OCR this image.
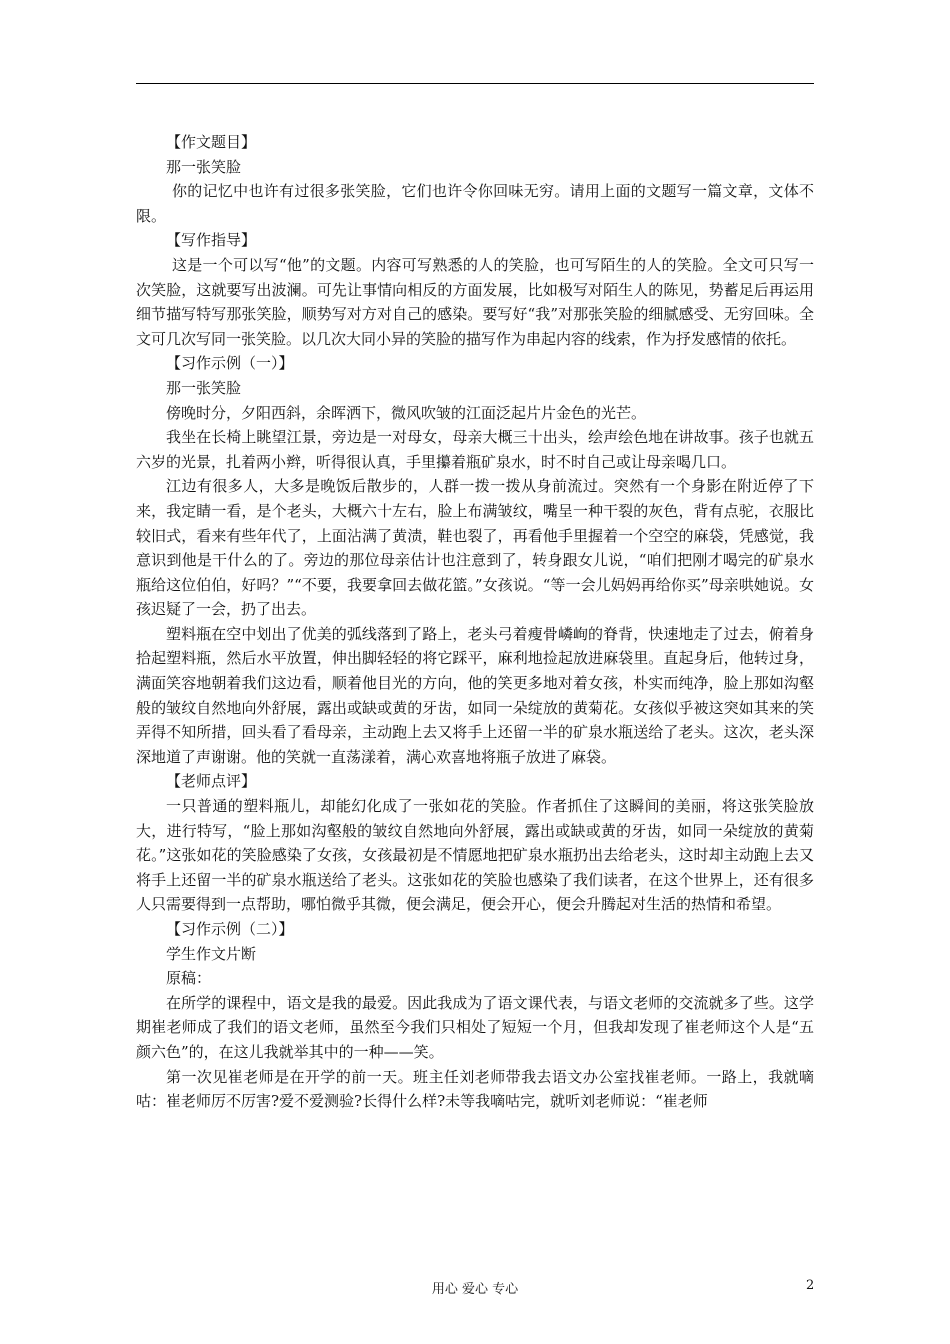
【作文题目】
那一张笑脸
你的记忆中也许有过很多张笑脸，它们也许令你回味无穷。请用上面的文题写一篇文章，文体不限。
【写作指导】
这是一个可以写“他”的文题。内容可写熟悉的人的笑脸，也可写陌生的人的笑脸。全文可只写一次笑脸，这就要写出波澜。可先让事情向相反的方面发展，比如极写对陌生人的陈见，势蓄足后再运用细节描写特写那张笑脸，顺势写对方对自己的感染。要写好“我”对那张笑脸的细腻感受、无穷回味。全文可几次写同一张笑脸。以几次大同小异的笑脸的描写作为串起内容的线索，作为抒发感情的依托。
【习作示例（一）】
那一张笑脸
傍晚时分，夕阳西斜，余晖洒下，微风吹皱的江面泛起片片金色的光芒。
我坐在长椅上眺望江景，旁边是一对母女，母亲大概三十出头，绘声绘色地在讲故事。孩子也就五六岁的光景，扎着两小辫，听得很认真，手里攥着瓶矿泉水，时不时自己或让母亲喝几口。
江边有很多人，大多是晚饭后散步的，人群一拨一拨从身前流过。突然有一个身影在附近停了下来，我定睛一看，是个老头，大概六十左右，脸上布满皱纹，嘴呈一种干裂的灰色，背有点驼，衣服比较旧式，看来有些年代了，上面沾满了黄渍，鞋也裂了，再看他手里握着一个空空的麻袋，凭感觉，我意识到他是干什么的了。旁边的那位母亲估计也注意到了，转身跟女儿说，“咱们把刚才喝完的矿泉水瓶给这位伯伯，好吗？”“不要，我要拿回去做花篮。”女孩说。“等一会儿妈妈再给你买”母亲哄她说。女孩迟疑了一会，扔了出去。
塑料瓶在空中划出了优美的弧线落到了路上，老头弓着瘦骨嶙峋的脊背，快速地走了过去，俯着身拾起塑料瓶，然后水平放置，伸出脚轻轻的将它踩平，麻利地捡起放进麻袋里。直起身后，他转过身，满面笑容地朝着我们这边看，顺着他目光的方向，他的笑更多地对着女孩，朴实而纯净，脸上那如沟壑般的皱纹自然地向外舒展，露出或缺或黄的牙齿，如同一朵绽放的黄菊花。女孩似乎被这突如其来的笑弄得不知所措，回头看了看母亲，主动跑上去又将手上还留一半的矿泉水瓶送给了老头。这次，老头深深地道了声谢谢。他的笑就一直荡漾着，满心欢喜地将瓶子放进了麻袋。
【老师点评】
一只普通的塑料瓶儿，却能幻化成了一张如花的笑脸。作者抓住了这瞬间的美丽，将这张笑脸放大，进行特写，“脸上那如沟壑般的皱纹自然地向外舒展，露出或缺或黄的牙齿，如同一朵绽放的黄菊花。”这张如花的笑脸感染了女孩，女孩最初是不情愿地把矿泉水瓶扔出去给老头，这时却主动跑上去又将手上还留一半的矿泉水瓶送给了老头。这张如花的笑脸也感染了我们读者，在这个世界上，还有很多人只需要得到一点帮助，哪怕微乎其微，便会满足，便会开心，便会升腾起对生活的热情和希望。
【习作示例（二）】
学生作文片断
原稿：
在所学的课程中，语文是我的最爱。因此我成为了语文课代表，与语文老师的交流就多了些。这学期崔老师成了我们的语文老师，虽然至今我们只相处了短短一个月，但我却发现了崔老师这个人是“五颜六色”的，在这儿我就举其中的一种——笑。
第一次见崔老师是在开学的前一天。班主任刘老师带我去语文办公室找崔老师。一路上，我就嘀咕：崔老师厉不厉害?爱不爱测验?长得什么样?未等我嘀咕完，就听刘老师说：“崔老师
用心 爱心 专心	2
